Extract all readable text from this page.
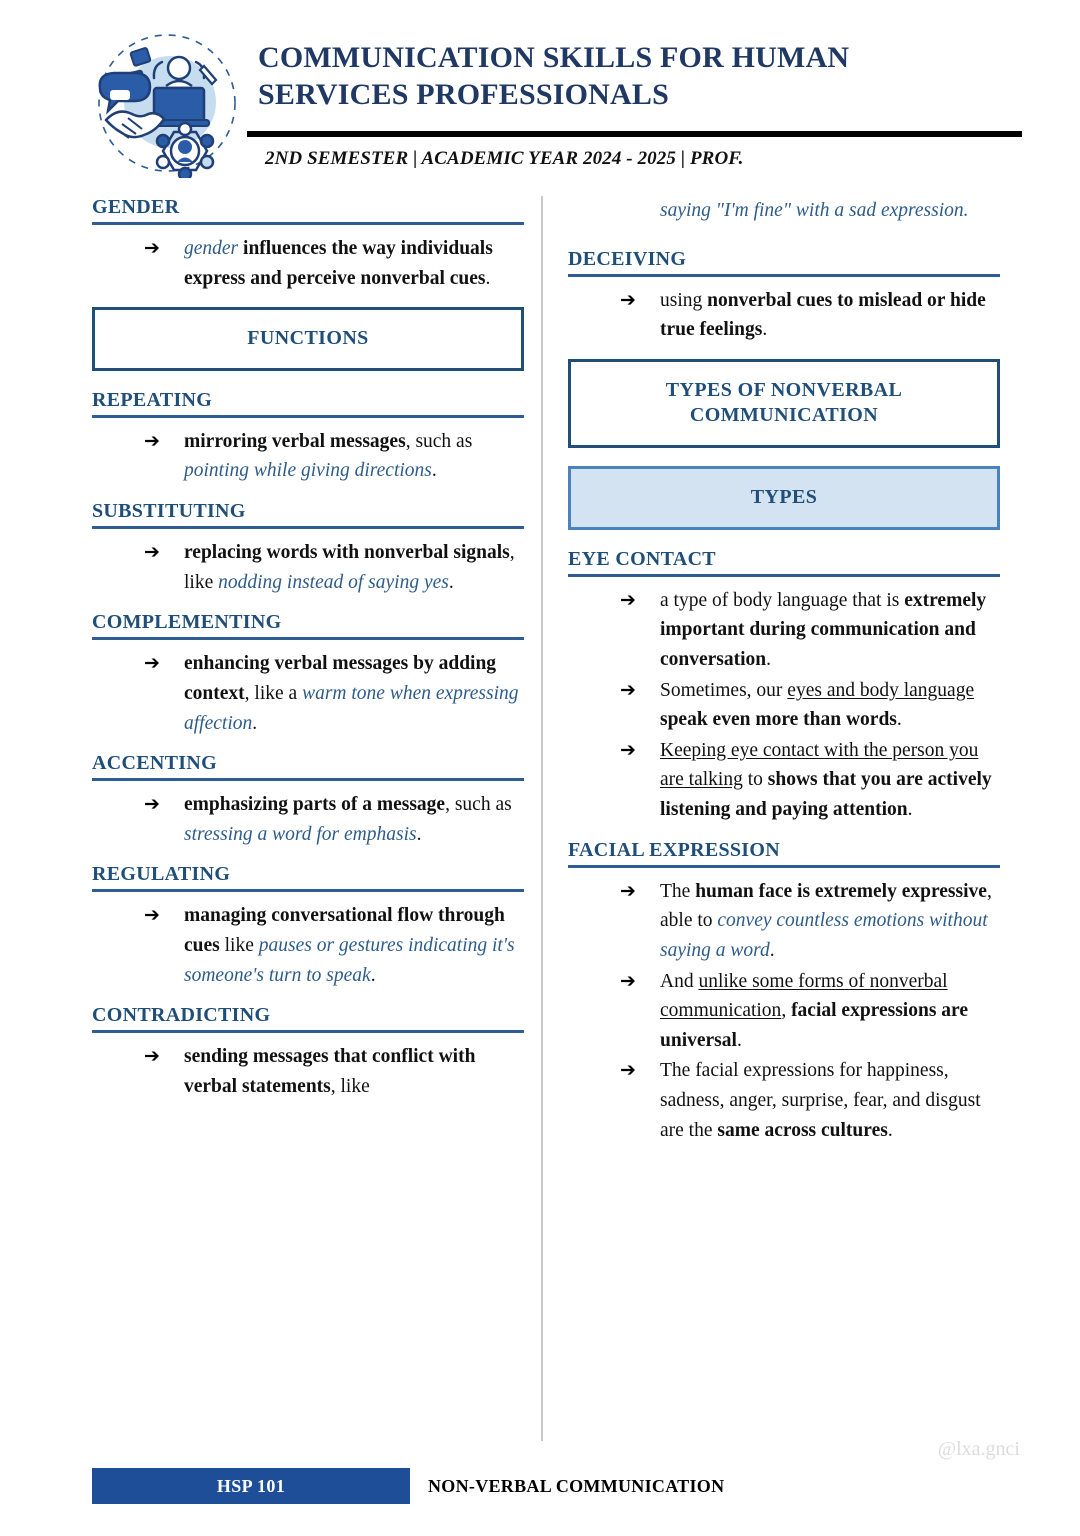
COMMUNICATION SKILLS FOR HUMAN
SERVICES PROFESSIONALS
2ND SEMESTER | ACADEMIC YEAR 2024 - 2025 | PROF.
GENDER
➔ gender influences the way individuals express and perceive nonverbal cues.
FUNCTIONS
REPEATING
➔ mirroring verbal messages, such as pointing while giving directions.
SUBSTITUTING
➔ replacing words with nonverbal signals, like nodding instead of saying yes.
COMPLEMENTING
➔ enhancing verbal messages by adding context, like a warm tone when expressing affection.
ACCENTING
➔ emphasizing parts of a message, such as stressing a word for emphasis.
REGULATING
➔ managing conversational flow through cues like pauses or gestures indicating it's someone's turn to speak.
CONTRADICTING
➔ sending messages that conflict with verbal statements, like
saying "I'm fine" with a sad expression.
DECEIVING
➔ using nonverbal cues to mislead or hide true feelings.
TYPES OF NONVERBAL COMMUNICATION
TYPES
EYE CONTACT
➔ a type of body language that is extremely important during communication and conversation.
➔ Sometimes, our eyes and body language speak even more than words.
➔ Keeping eye contact with the person you are talking to shows that you are actively listening and paying attention.
FACIAL EXPRESSION
➔ The human face is extremely expressive, able to convey countless emotions without saying a word.
➔ And unlike some forms of nonverbal communication, facial expressions are universal.
➔ The facial expressions for happiness, sadness, anger, surprise, fear, and disgust are the same across cultures.
@lxa.gnci
HSP 101	NON-VERBAL COMMUNICATION
